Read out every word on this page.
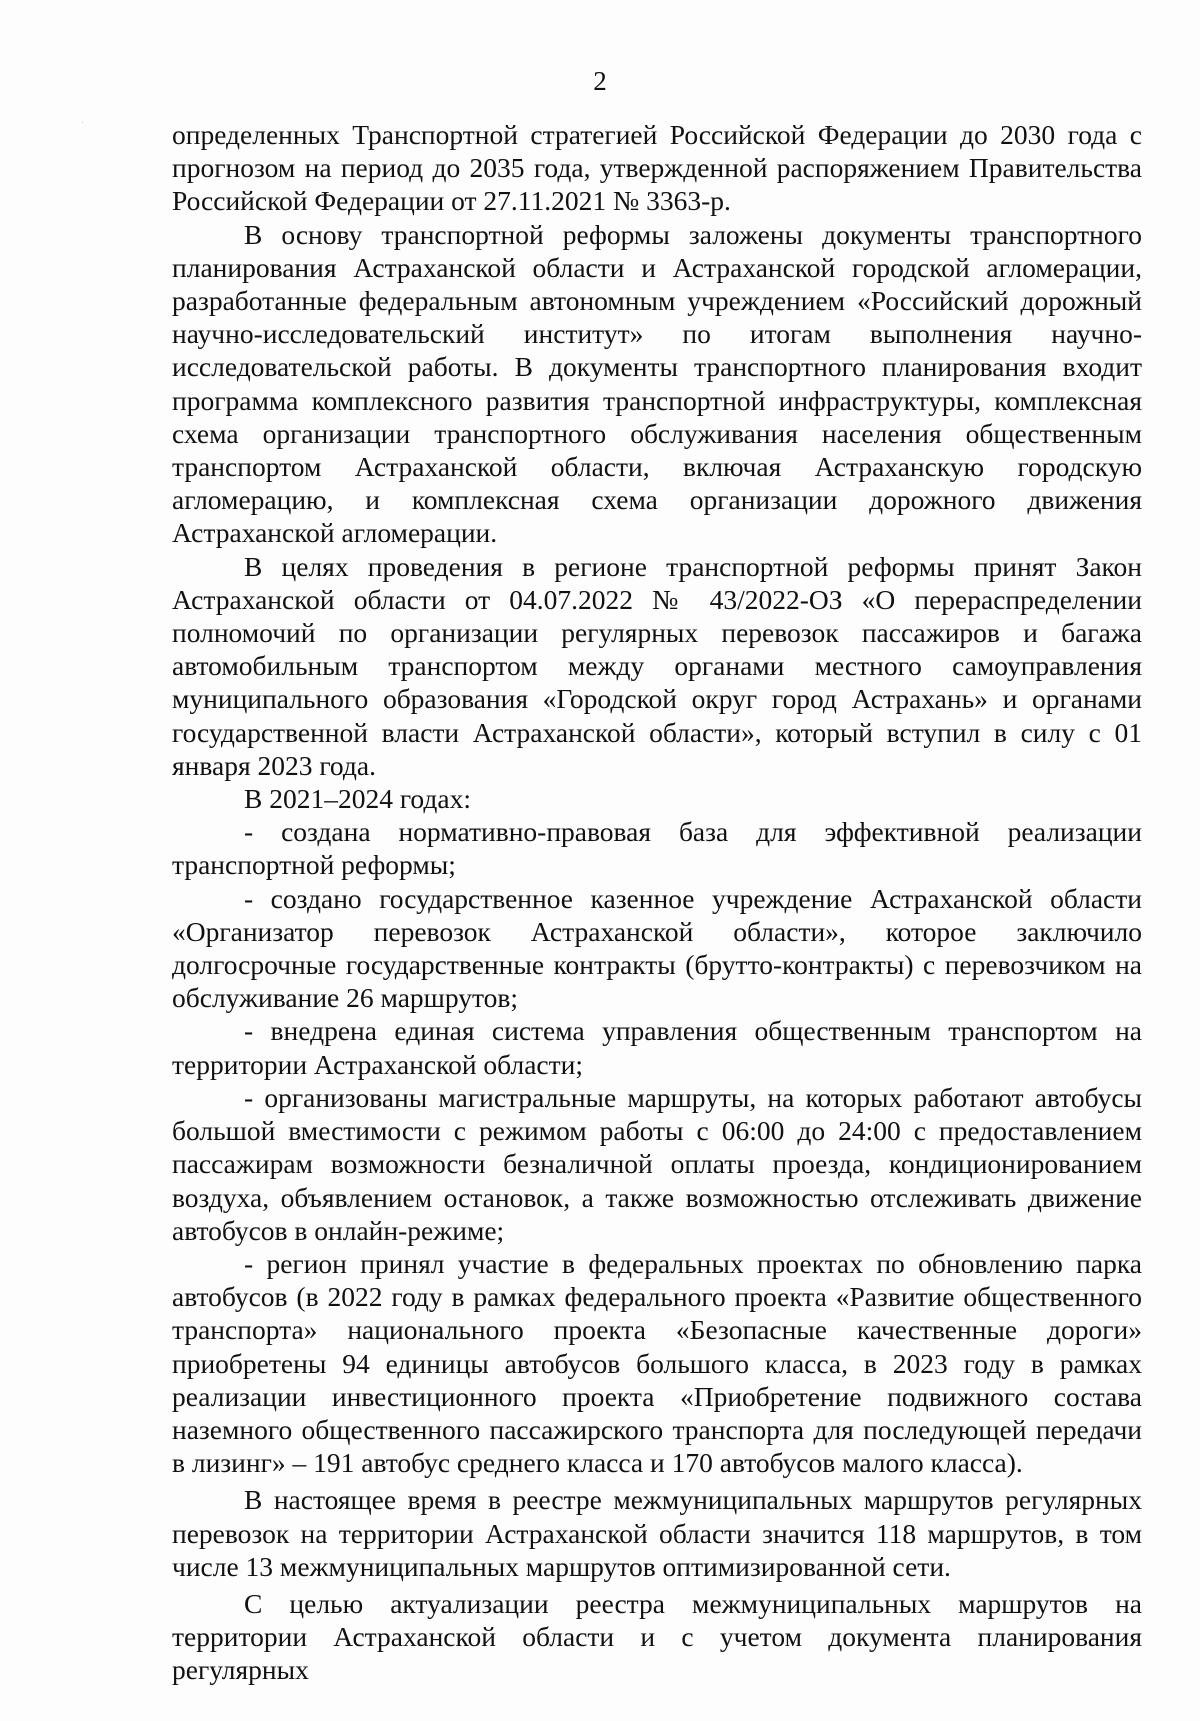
2

определенных Транспортной стратегией Российской Федерации до 2030 года с прогнозом на период до 2035 года, утвержденной распоряжением Правительства Российской Федерации от 27.11.2021 № 3363-р.

В основу транспортной реформы заложены документы транспортного планирования Астраханской области и Астраханской городской агломерации, разработанные федеральным автономным учреждением «Российский дорожный научно-исследовательский институт» по итогам выполнения научно-исследовательской работы. В документы транспортного планирования входит программа комплексного развития транспортной инфраструктуры, комплексная схема организации транспортного обслуживания населения общественным транспортом Астраханской области, включая Астраханскую городскую агломерацию, и комплексная схема организации дорожного движения Астраханской агломерации.

В целях проведения в регионе транспортной реформы принят Закон Астраханской области от 04.07.2022 № 43/2022-ОЗ «О перераспределении полномочий по организации регулярных перевозок пассажиров и багажа автомобильным транспортом между органами местного самоуправления муниципального образования «Городской округ город Астрахань» и органами государственной власти Астраханской области», который вступил в силу с 01 января 2023 года.

В 2021–2024 годах:

- создана нормативно-правовая база для эффективной реализации транспортной реформы;

- создано государственное казенное учреждение Астраханской области «Организатор перевозок Астраханской области», которое заключило долгосрочные государственные контракты (брутто-контракты) с перевозчиком на обслуживание 26 маршрутов;

- внедрена единая система управления общественным транспортом на территории Астраханской области;

- организованы магистральные маршруты, на которых работают автобусы большой вместимости с режимом работы с 06:00 до 24:00 с предоставлением пассажирам возможности безналичной оплаты проезда, кондиционированием воздуха, объявлением остановок, а также возможностью отслеживать движение автобусов в онлайн-режиме;

- регион принял участие в федеральных проектах по обновлению парка автобусов (в 2022 году в рамках федерального проекта «Развитие общественного транспорта» национального проекта «Безопасные качественные дороги» приобретены 94 единицы автобусов большого класса, в 2023 году в рамках реализации инвестиционного проекта «Приобретение подвижного состава наземного общественного пассажирского транспорта для последующей передачи в лизинг» – 191 автобус среднего класса и 170 автобусов малого класса).

В настоящее время в реестре межмуниципальных маршрутов регулярных перевозок на территории Астраханской области значится 118 маршрутов, в том числе 13 межмуниципальных маршрутов оптимизированной сети.

С целью актуализации реестра межмуниципальных маршрутов на территории Астраханской области и с учетом документа планирования регулярных
